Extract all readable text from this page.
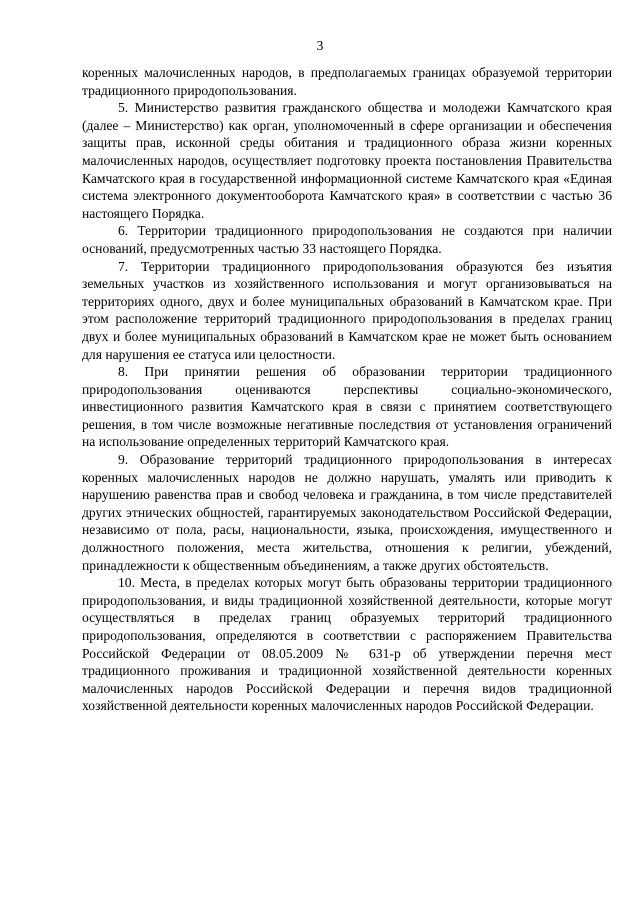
3

коренных малочисленных народов, в предполагаемых границах образуемой территории традиционного природопользования.

5. Министерство развития гражданского общества и молодежи Камчатского края (далее – Министерство) как орган, уполномоченный в сфере организации и обеспечения защиты прав, исконной среды обитания и традиционного образа жизни коренных малочисленных народов, осуществляет подготовку проекта постановления Правительства Камчатского края в государственной информационной системе Камчатского края «Единая система электронного документооборота Камчатского края» в соответствии с частью 36 настоящего Порядка.

6. Территории традиционного природопользования не создаются при наличии оснований, предусмотренных частью 33 настоящего Порядка.

7. Территории традиционного природопользования образуются без изъятия земельных участков из хозяйственного использования и могут организовываться на территориях одного, двух и более муниципальных образований в Камчатском крае. При этом расположение территорий традиционного природопользования в пределах границ двух и более муниципальных образований в Камчатском крае не может быть основанием для нарушения ее статуса или целостности.

8. При принятии решения об образовании территории традиционного природопользования оцениваются перспективы социально-экономического, инвестиционного развития Камчатского края в связи с принятием соответствующего решения, в том числе возможные негативные последствия от установления ограничений на использование определенных территорий Камчатского края.

9. Образование территорий традиционного природопользования в интересах коренных малочисленных народов не должно нарушать, умалять или приводить к нарушению равенства прав и свобод человека и гражданина, в том числе представителей других этнических общностей, гарантируемых законодательством Российской Федерации, независимо от пола, расы, национальности, языка, происхождения, имущественного и должностного положения, места жительства, отношения к религии, убеждений, принадлежности к общественным объединениям, а также других обстоятельств.

10. Места, в пределах которых могут быть образованы территории традиционного природопользования, и виды традиционной хозяйственной деятельности, которые могут осуществляться в пределах границ образуемых территорий традиционного природопользования, определяются в соответствии с распоряжением Правительства Российской Федерации от 08.05.2009 № 631-р об утверждении перечня мест традиционного проживания и традиционной хозяйственной деятельности коренных малочисленных народов Российской Федерации и перечня видов традиционной хозяйственной деятельности коренных малочисленных народов Российской Федерации.
